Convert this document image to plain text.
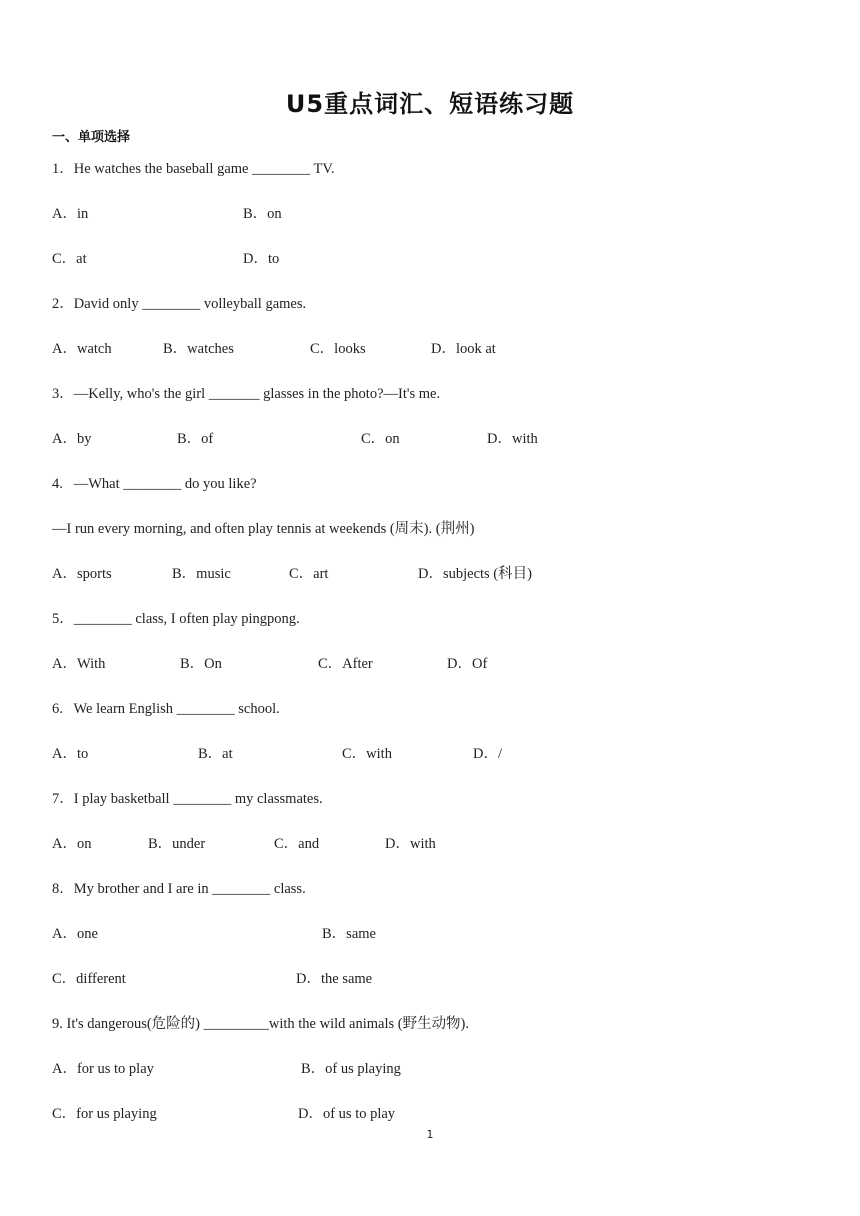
U5重点词汇、短语练习题
一、单项选择
1．He watches the baseball game ________ TV.
A．in	B．on
C．at	D．to
2．David only ________ volleyball games.
A．watch	B．watches	C．looks	D．look at
3．—Kelly, who's the girl _______ glasses in the photo?—It's me.
A．by	B．of	C．on	D．with
4.   —What ________ do you like?
—I run every morning, and often play tennis at weekends (周末). (荆州)
A．sports	B．music	C．art	D．subjects (科目)
5．________ class, I often play pingpong.
A．With	B．On	C．After	D．Of
6.   We learn English ________ school.
A．to	B．at	C．with	D．/
7．I play basketball ________ my classmates.
A．on	B．under	C．and	D．with
8．My brother and I are in ________ class.
A．one	B．same
C．different	D．the same
9. It's dangerous(危险的) _________with the wild animals (野生动物).
A．for us to play	B．of us playing
C．for us playing	D．of us to play
1
